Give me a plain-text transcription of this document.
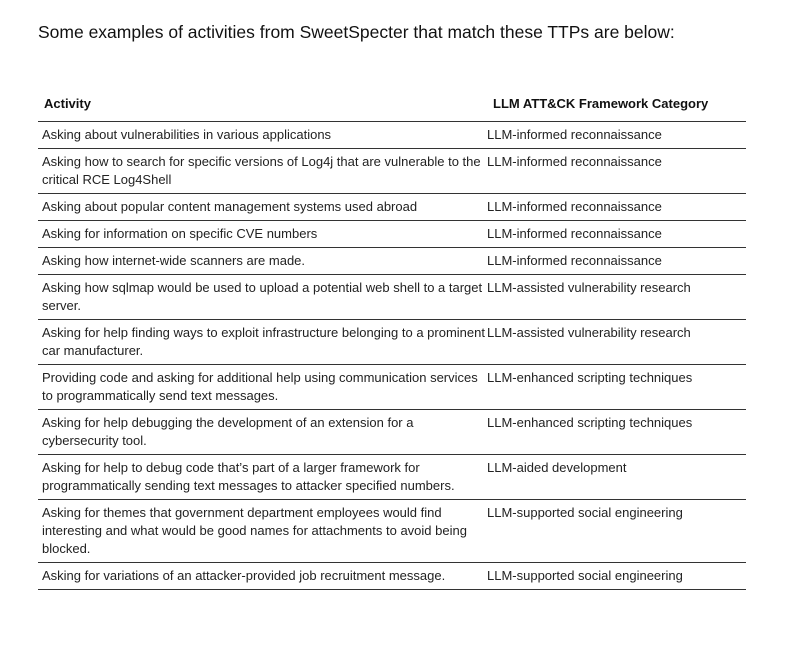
Some examples of activities from SweetSpecter that match these TTPs are below:
Activity	LLM ATT&CK Framework Category
Asking about vulnerabilities in various applications	LLM-informed reconnaissance
Asking how to search for specific versions of Log4j that are vulnerable to the critical RCE Log4Shell	LLM-informed reconnaissance
Asking about popular content management systems used abroad	LLM-informed reconnaissance
Asking for information on specific CVE numbers	LLM-informed reconnaissance
Asking how internet-wide scanners are made.	LLM-informed reconnaissance
Asking how sqlmap would be used to upload a potential web shell to a target server.	LLM-assisted vulnerability research
Asking for help finding ways to exploit infrastructure belonging to a prominent car manufacturer.	LLM-assisted vulnerability research
Providing code and asking for additional help using communication services to programmatically send text messages.	LLM-enhanced scripting techniques
Asking for help debugging the development of an extension for a cybersecurity tool.	LLM-enhanced scripting techniques
Asking for help to debug code that’s part of a larger framework for programmatically sending text messages to attacker specified numbers.	LLM-aided development
Asking for themes that government department employees would find interesting and what would be good names for attachments to avoid being blocked.	LLM-supported social engineering
Asking for variations of an attacker-provided job recruitment message.	LLM-supported social engineering
